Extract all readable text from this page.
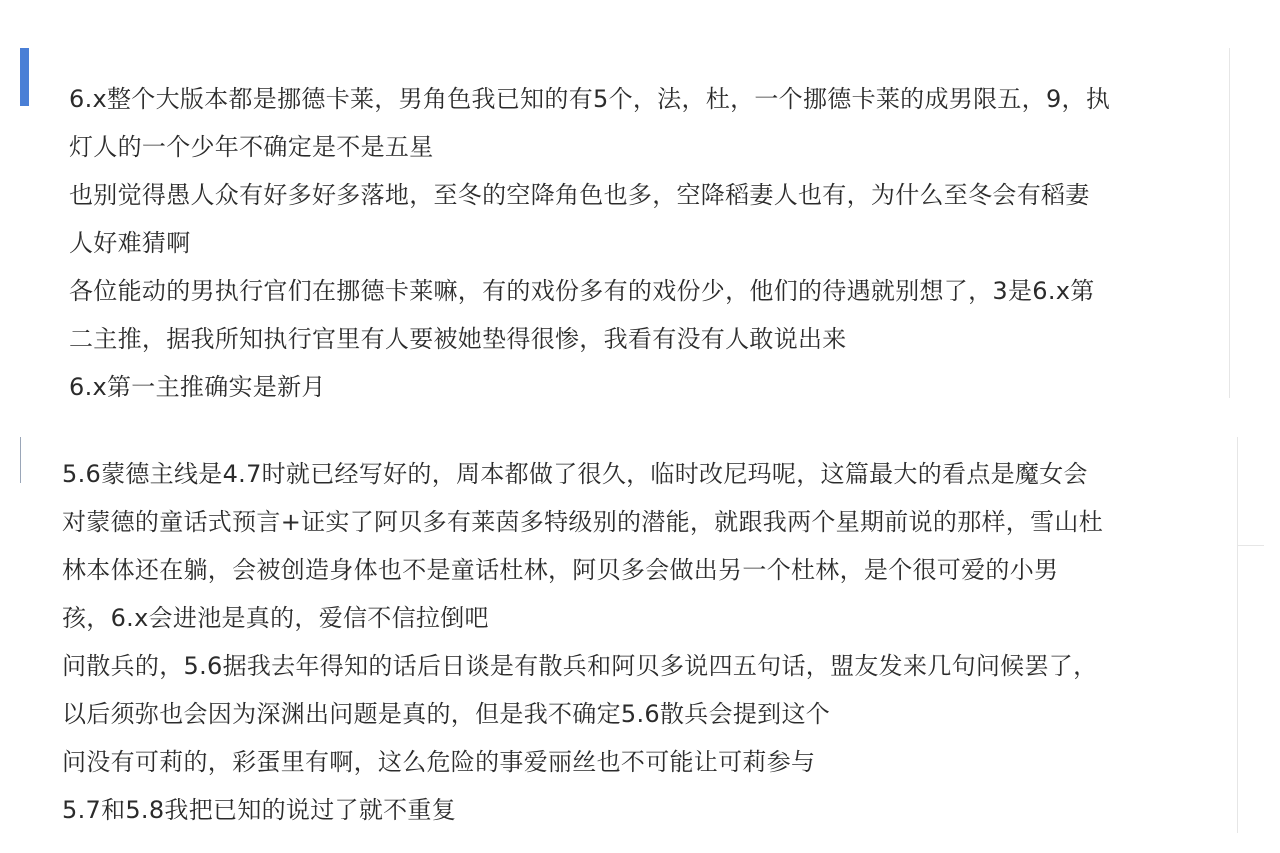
6.x整个大版本都是挪德卡莱，男角色我已知的有5个，法，杜，一个挪德卡莱的成男限五，9，执
灯人的一个少年不确定是不是五星
也别觉得愚人众有好多好多落地，至冬的空降角色也多，空降稻妻人也有，为什么至冬会有稻妻
人好难猜啊
各位能动的男执行官们在挪德卡莱嘛，有的戏份多有的戏份少，他们的待遇就别想了，3是6.x第
二主推，据我所知执行官里有人要被她垫得很惨，我看有没有人敢说出来
6.x第一主推确实是新月
5.6蒙德主线是4.7时就已经写好的，周本都做了很久，临时改尼玛呢，这篇最大的看点是魔女会
对蒙德的童话式预言+证实了阿贝多有莱茵多特级别的潜能，就跟我两个星期前说的那样，雪山杜
林本体还在躺，会被创造身体也不是童话杜林，阿贝多会做出另一个杜林，是个很可爱的小男
孩，6.x会进池是真的，爱信不信拉倒吧
问散兵的，5.6据我去年得知的话后日谈是有散兵和阿贝多说四五句话，盟友发来几句问候罢了，
以后须弥也会因为深渊出问题是真的，但是我不确定5.6散兵会提到这个
问没有可莉的，彩蛋里有啊，这么危险的事爱丽丝也不可能让可莉参与
5.7和5.8我把已知的说过了就不重复
